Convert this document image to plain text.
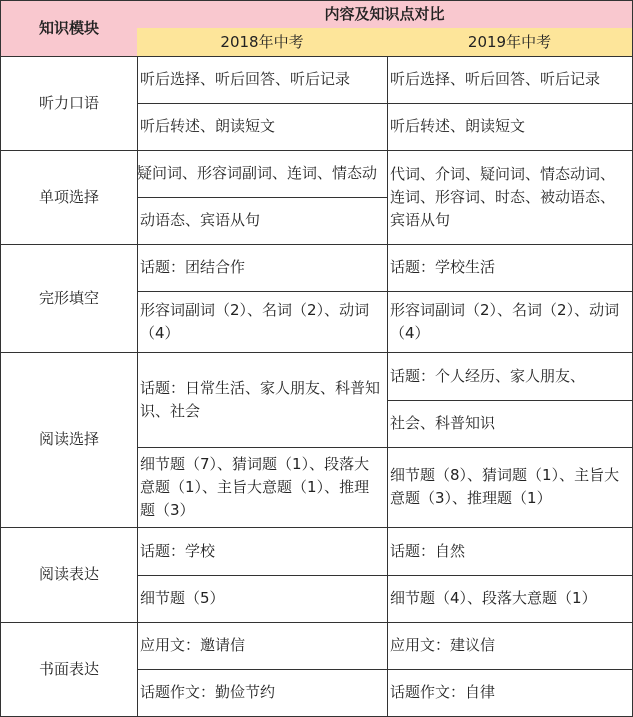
知识模块
内容及知识点对比
2018年中考	2019年中考
听力口语
听后选择、听后回答、听后记录
听后转述、朗读短文
听后选择、听后回答、听后记录
听后转述、朗读短文
单项选择
疑问词、形容词副词、连词、情态动
动语态、宾语从句
代词、介词、疑问词、情态动词、连词、形容词、时态、被动语态、宾语从句
完形填空
话题：团结合作
形容词副词（2）、名词（2）、动词（4）
话题：学校生活
形容词副词（2）、名词（2）、动词（4）
阅读选择
话题：日常生活、家人朋友、科普知识、社会
细节题（7）、猜词题（1）、段落大意题（1）、主旨大意题（1）、推理题（3）
话题：个人经历、家人朋友、
社会、科普知识
细节题（8）、猜词题（1）、主旨大意题（3）、推理题（1）
阅读表达
话题：学校
细节题（5）
话题：自然
细节题（4）、段落大意题（1）
书面表达
应用文：邀请信
话题作文：勤俭节约
应用文：建议信
话题作文：自律
